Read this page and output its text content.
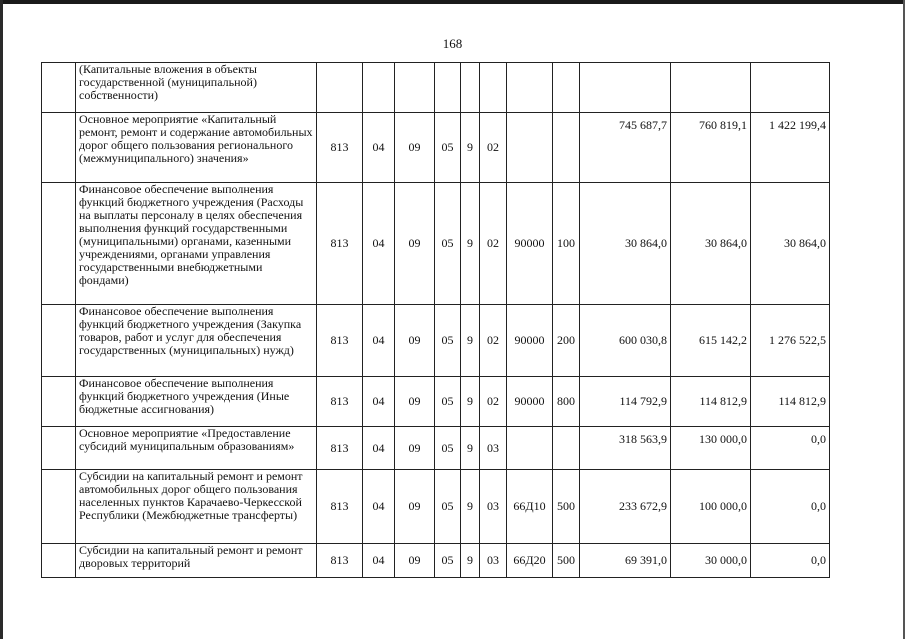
168
	(Капитальные вложения в объекты государственной (муниципальной) собственности)											
	Основное мероприятие «Капитальный ремонт, ремонт и содержание автомобильных дорог общего пользования регионального (межмуниципального) значения»	813	04	09	05	9	02			745 687,7	760 819,1	1 422 199,4
	Финансовое обеспечение выполнения функций бюджетного учреждения (Расходы на выплаты персоналу в целях обеспечения выполнения функций государственными (муниципальными) органами, казенными учреждениями, органами управления государственными внебюджетными фондами)	813	04	09	05	9	02	90000	100	30 864,0	30 864,0	30 864,0
	Финансовое обеспечение выполнения функций бюджетного учреждения (Закупка товаров, работ и услуг для обеспечения государственных (муниципальных) нужд)	813	04	09	05	9	02	90000	200	600 030,8	615 142,2	1 276 522,5
	Финансовое обеспечение выполнения функций бюджетного учреждения (Иные бюджетные ассигнования)	813	04	09	05	9	02	90000	800	114 792,9	114 812,9	114 812,9
	Основное мероприятие «Предоставление субсидий муниципальным образованиям»	813	04	09	05	9	03			318 563,9	130 000,0	0,0
	Субсидии на капитальный ремонт и ремонт автомобильных дорог общего пользования населенных пунктов Карачаево-Черкесской Республики (Межбюджетные трансферты)	813	04	09	05	9	03	66Д10	500	233 672,9	100 000,0	0,0
	Субсидии на капитальный ремонт и ремонт дворовых территорий	813	04	09	05	9	03	66Д20	500	69 391,0	30 000,0	0,0
